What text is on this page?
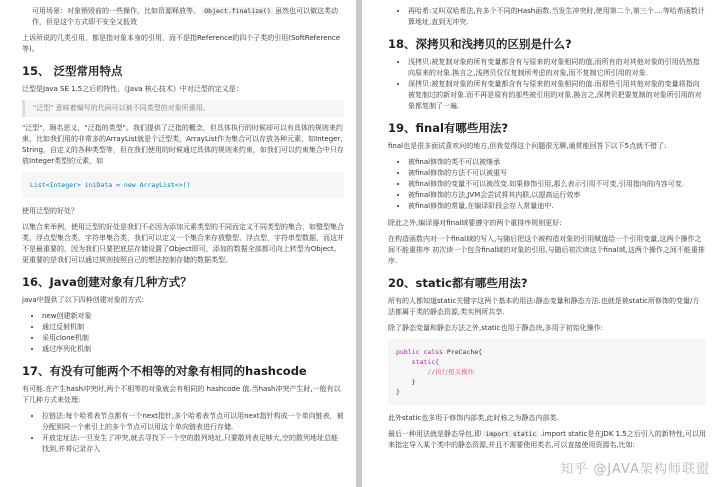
可用场景：对象销毁前的一些操作，比如资源释放等。 Object.finalize() 虽然也可以做这类动作，但是这个方式即不安全又低效

上诉所说的几类引用，都是指对象本身的引用，而不是指Reference的四个子类的引用(SoftReference等)。

15、 泛型常用特点

泛型是Java SE 1.5之后的特性，《Java 核心技术》中对泛型的定义是：

"泛型" 意味着编写的代码可以被不同类型的对象所重用。

"泛型"，顾名思义，"泛指的类型"。我们提供了泛指的概念，但具体执行的时候却可以有具体的规则来约束，比如我们用的非常多的ArrayList就是个泛型类，ArrayList作为集合可以存放各种元素，如Integer, String，自定义的各种类型等，但在我们使用的时候通过具体的规则来约束，如我们可以约束集合中只存放Integer类型的元素，如

List<Integer> iniData = new ArrayList<>()

使用泛型的好处？

以集合来举例，使用泛型的好处是我们不必因为添加元素类型的不同而定义不同类型的集合，如整型集合类，浮点型集合类，字符串集合类，我们可以定义一个集合来存放整型、浮点型，字符串型数据，而这并不是最重要的，因为我们只要把底层存储设置了Object即可，添加的数据全部都可向上转型为Object。更重要的是我们可以通过规则按照自己的想法控制存储的数据类型。

16、Java创建对象有几种方式？

java中提供了以下四种创建对象的方式:

• new创建新对象
• 通过反射机制
• 采用clone机制
• 通过序列化机制
17、有没有可能两个不相等的对象有相同的hashcode

有可能.在产生hash冲突时,两个不相等的对象就会有相同的 hashcode 值.当hash冲突产生时,一般有以下几种方式来处理:

• 拉链法:每个哈希表节点都有一个next指针,多个哈希表节点可以用next指针构成一个单向链表，被分配到同一个索引上的多个节点可以用这个单向链表进行存储.
• 开放定址法:一旦发生了冲突,就去寻找下一个空的散列地址,只要散列表足够大,空的散列地址总能找到,并将记录存入
• 再哈希:又叫双哈希法,有多个不同的Hash函数.当发生冲突时,使用第二个,第三个....等哈希函数计算地址,直到无冲突.
18、深拷贝和浅拷贝的区别是什么?
• 浅拷贝:被复制对象的所有变量都含有与原来的对象相同的值,而所有的对其他对象的引用仍然指向原来的对象.换言之,浅拷贝仅仅复制所考虑的对象,而不复制它所引用的对象.
• 深拷贝:被复制对象的所有变量都含有与原来的对象相同的值.而那些引用其他对象的变量将指向被复制过的新对象.而不再是原有的那些被引用的对象.换言之,深拷贝把要复制的对象所引用的对象都复制了一遍.
19、final有哪些用法?

final也是很多面试喜欢问的地方,但我觉得这个问题很无聊,通常能回答下以下5点就不错了:

• 被final修饰的类不可以被继承
• 被final修饰的方法不可以被重写
• 被final修饰的变量不可以被改变.如果修饰引用,那么表示引用不可变,引用指向的内容可变.
• 被final修饰的方法,JVM会尝试将其内联,以提高运行效率
• 被final修饰的常量,在编译阶段会存入常量池中.

除此之外,编译器对final域要遵守的两个重排序规则更好:

在构造函数内对一个final域的写入,与随后把这个被构造对象的引用赋值给一个引用变量,这两个操作之间不能重排序 初次读一个包含final域的对象的引用,与随后初次读这个final域,这两个操作之间不能重排序.

20、static都有哪些用法?

所有的人都知道static关键字这两个基本的用法:静态变量和静态方法.也就是被static所修饰的变量/方法都属于类的静态资源,类实例所共享.

除了静态变量和静态方法之外,static也用于静态块,多用于初始化操作:

public calss PreCache{
static{
//执行相关操作
}
}

此外static也多用于修饰内部类,此时称之为静态内部类.

最后一种用法就是静态导包,即 import static .import static是在JDK 1.5之后引入的新特性,可以用来指定导入某个类中的静态资源,并且不需要使用类名,可以直接使用资源名,比如:

知乎 @JAVA架构师联盟
